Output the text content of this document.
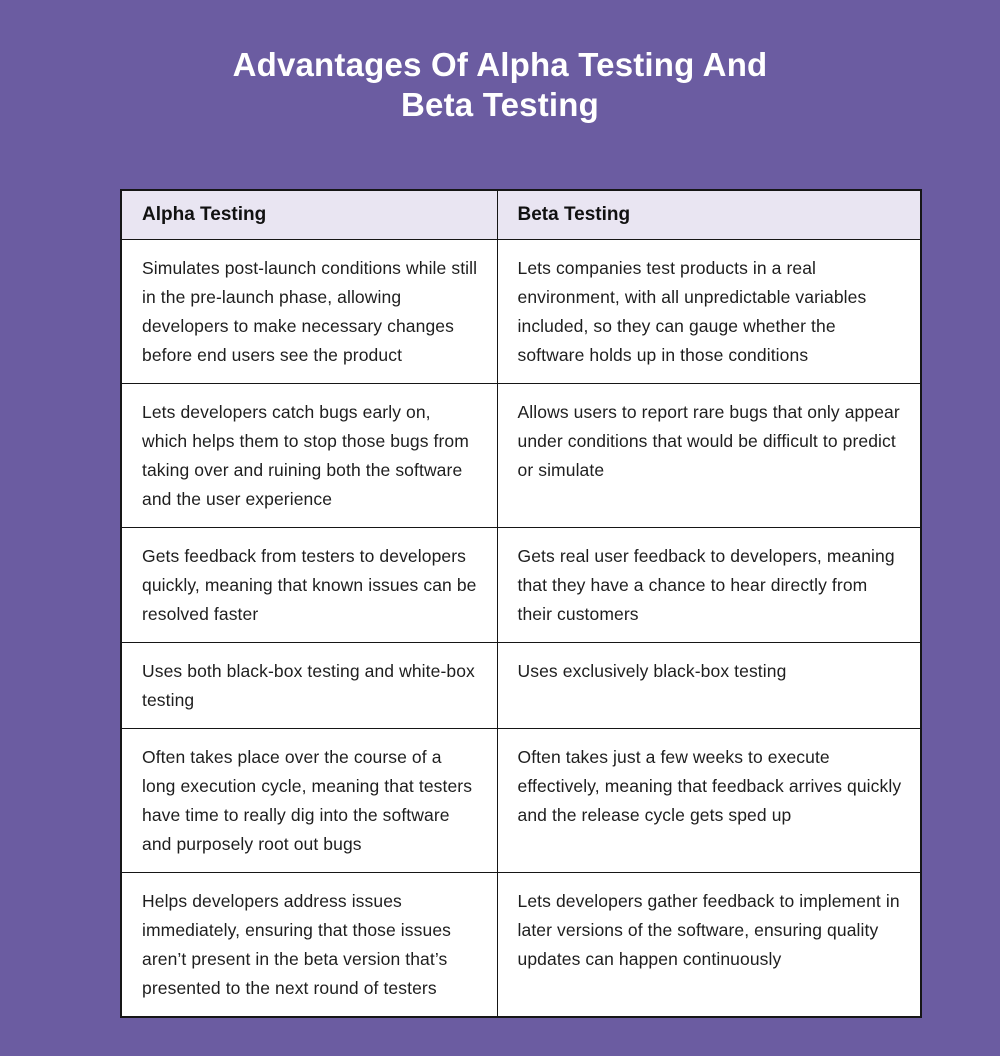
Advantages Of Alpha Testing And
Beta Testing
Alpha Testing	Beta Testing
Simulates post-launch conditions while still in the pre-launch phase, allowing developers to make necessary changes before end users see the product	Lets companies test products in a real environment, with all unpredictable variables included, so they can gauge whether the software holds up in those conditions
Lets developers catch bugs early on, which helps them to stop those bugs from taking over and ruining both the software and the user experience	Allows users to report rare bugs that only appear under conditions that would be difficult to predict or simulate
Gets feedback from testers to developers quickly, meaning that known issues can be resolved faster	Gets real user feedback to developers, meaning that they have a chance to hear directly from their customers
Uses both black-box testing and white-box testing	Uses exclusively black-box testing
Often takes place over the course of a long execution cycle, meaning that testers have time to really dig into the software and purposely root out bugs	Often takes just a few weeks to execute effectively, meaning that feedback arrives quickly and the release cycle gets sped up
Helps developers address issues immediately, ensuring that those issues aren’t present in the beta version that’s presented to the next round of testers	Lets developers gather feedback to implement in later versions of the software, ensuring quality updates can happen continuously
